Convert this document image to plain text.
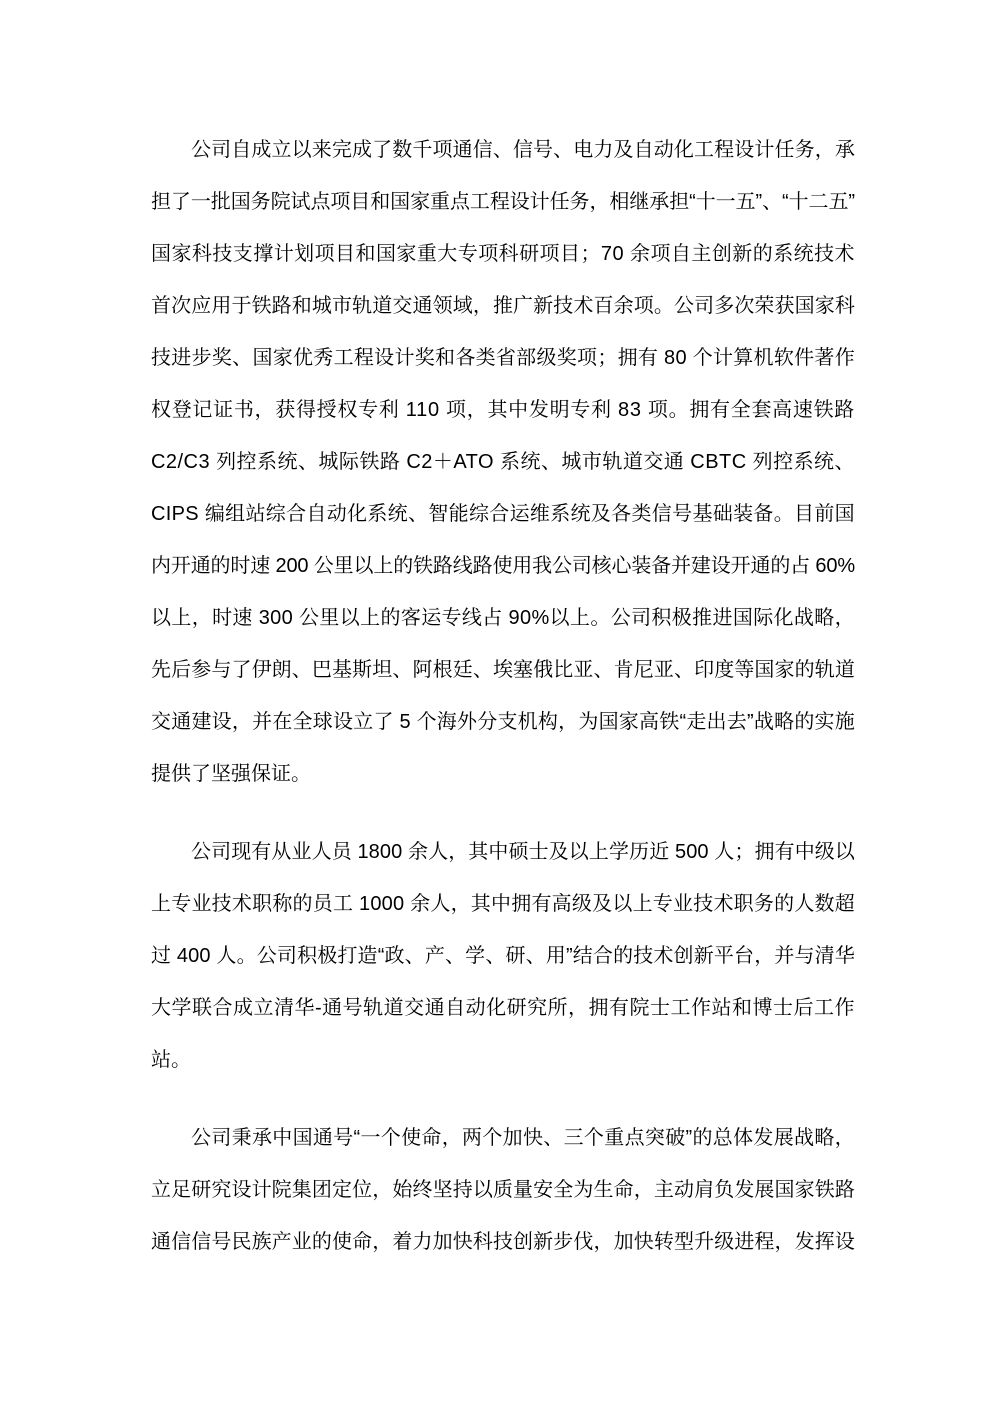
公司自成立以来完成了数千项通信、信号、电力及自动化工程设计任务，承
担了一批国务院试点项目和国家重点工程设计任务，相继承担“十一五”、“十二五”
国家科技支撑计划项目和国家重大专项科研项目；70 余项自主创新的系统技术
首次应用于铁路和城市轨道交通领域，推广新技术百余项。公司多次荣获国家科
技进步奖、国家优秀工程设计奖和各类省部级奖项；拥有 80 个计算机软件著作
权登记证书，获得授权专利 110 项，其中发明专利 83 项。拥有全套高速铁路
C2/C3 列控系统、城际铁路 C2＋ATO 系统、城市轨道交通 CBTC 列控系统、
CIPS 编组站综合自动化系统、智能综合运维系统及各类信号基础装备。目前国
内开通的时速 200 公里以上的铁路线路使用我公司核心装备并建设开通的占 60%
以上，时速 300 公里以上的客运专线占 90%以上。公司积极推进国际化战略，
先后参与了伊朗、巴基斯坦、阿根廷、埃塞俄比亚、肯尼亚、印度等国家的轨道
交通建设，并在全球设立了 5 个海外分支机构，为国家高铁“走出去”战略的实施
提供了坚强保证。
公司现有从业人员 1800 余人，其中硕士及以上学历近 500 人；拥有中级以
上专业技术职称的员工 1000 余人，其中拥有高级及以上专业技术职务的人数超
过 400 人。公司积极打造“政、产、学、研、用”结合的技术创新平台，并与清华
大学联合成立清华-通号轨道交通自动化研究所，拥有院士工作站和博士后工作
站。
公司秉承中国通号“一个使命，两个加快、三个重点突破”的总体发展战略，
立足研究设计院集团定位，始终坚持以质量安全为生命，主动肩负发展国家铁路
通信信号民族产业的使命，着力加快科技创新步伐，加快转型升级进程，发挥设
